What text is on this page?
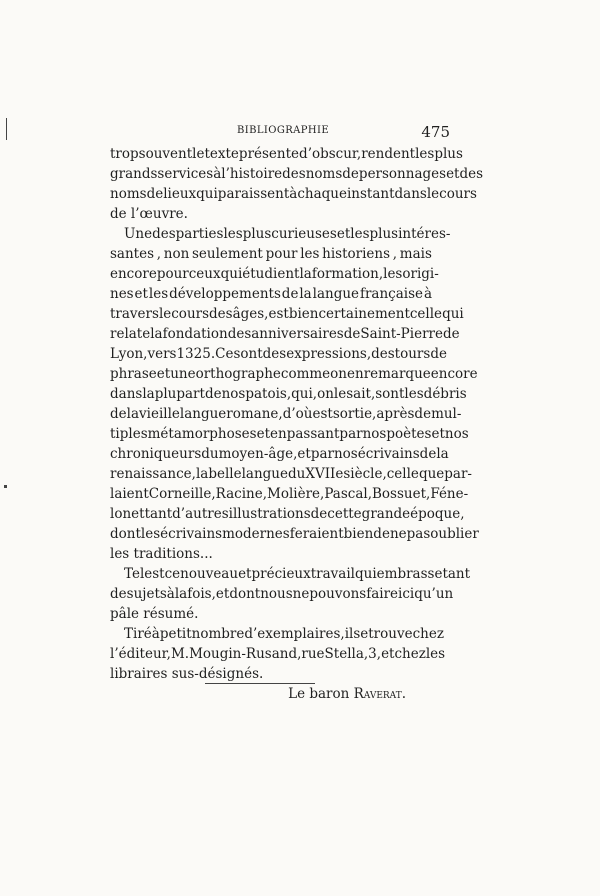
BIBLIOGRAPHIE	475
trop souvent le texte présente d’obscur, rendent les plus
grands services à l’histoire des noms de personnages et des
noms de lieux qui paraissent à chaque instant dans le cours
de l’œuvre.
Une des parties les plus curieuses et les plus intéres-
santes , non seulement pour les historiens , mais
encore pour ceux qui étudient la formation, les origi-
nes et les développements de la langue française à
travers le cours des âges, est bien certainement celle qui
relate la fondation des anniversaires de Saint-Pierre de
Lyon, vers 1325. Ce sont des expressions, des tours de
phrase et une orthographe comme on en remarque encore
dans la plupart de nos patois, qui, on le sait, sont les débris
de la vieille langue romane, d’où est sortie, après de mul-
tiples métamorphoses et en passant par nos poètes et nos
chroniqueurs du moyen-âge, et par nos écrivains de la
renaissance, la belle langue du XVIIe siècle, celle que par-
laient Corneille, Racine, Molière, Pascal, Bossuet, Féne-
lon et tant d’autres illustrations de cette grande époque,
dont les écrivains modernes feraient bien de ne pas oublier
les traditions...
Tel est ce nouveau et précieux travail qui embrasse tant
de sujets à la fois, et dont nous ne pouvons faire ici qu’un
pâle résumé.
Tiré à petit nombre d’exemplaires, il se trouve chez
l’éditeur, M. Mougin-Rusand, rue Stella, 3, et chez les
libraires sus-désignés.
Le baron Raverat.
